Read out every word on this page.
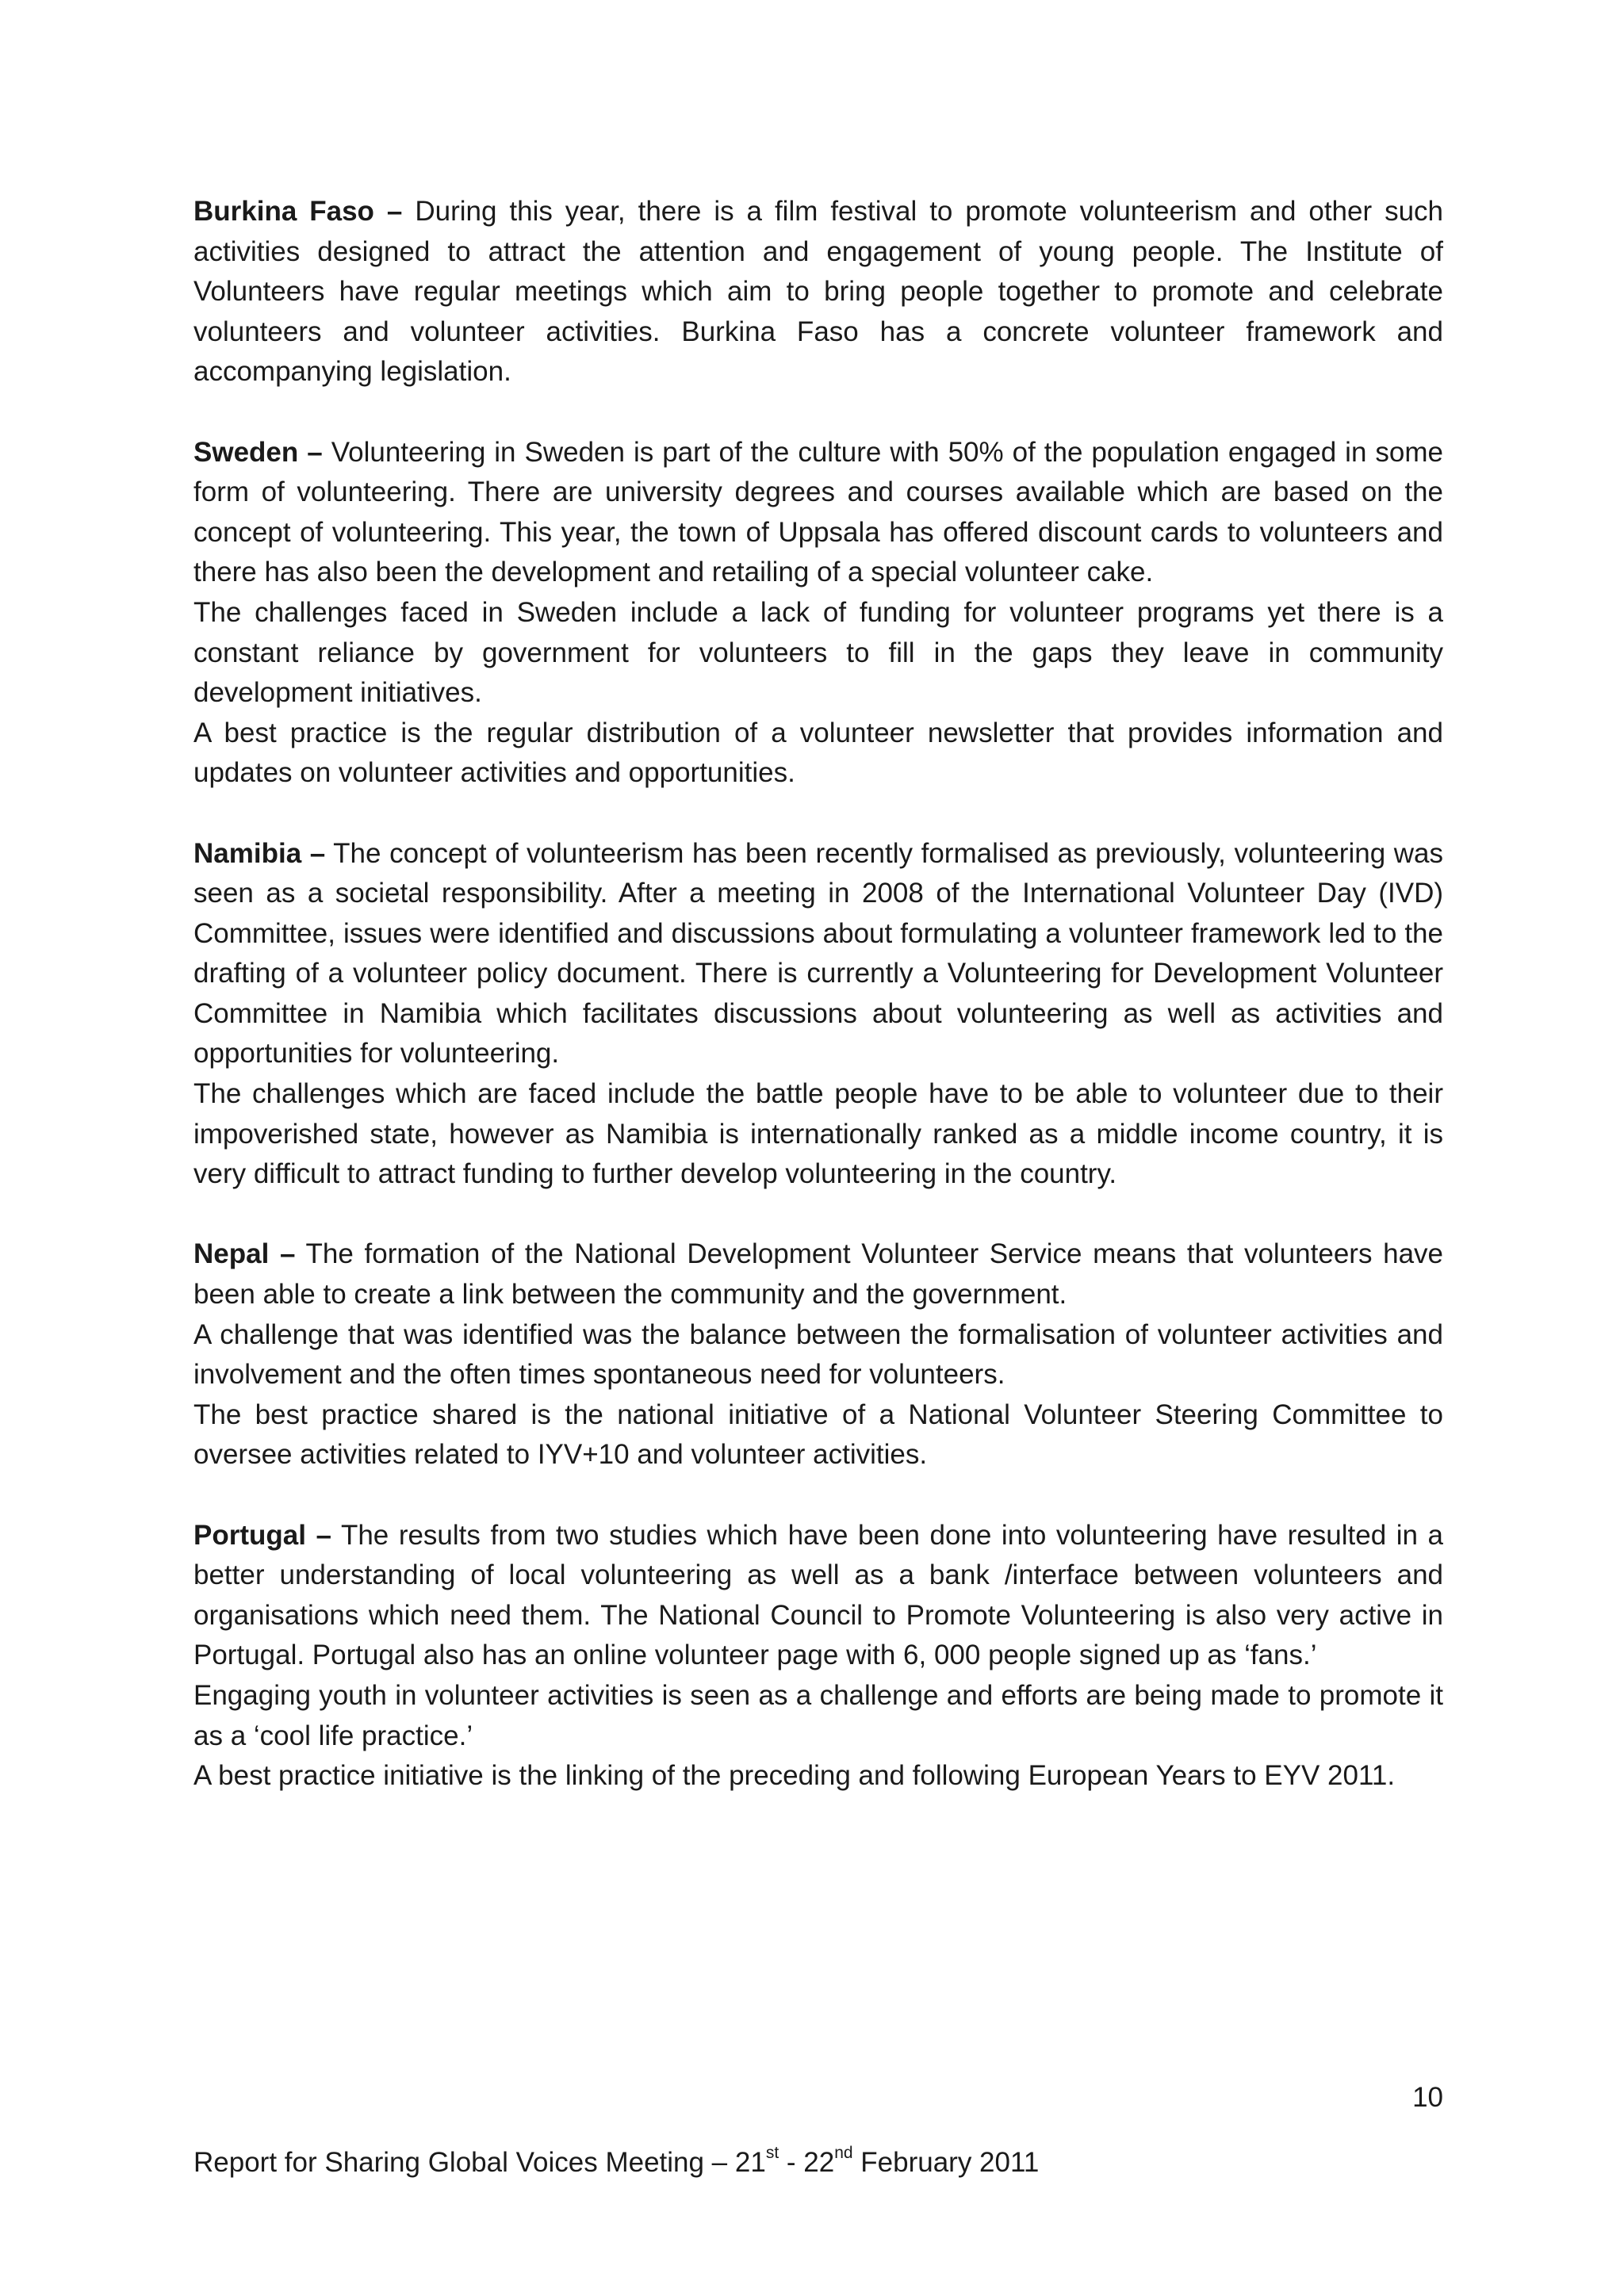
Burkina Faso – During this year, there is a film festival to promote volunteerism and other such activities designed to attract the attention and engagement of young people. The Institute of Volunteers have regular meetings which aim to bring people together to promote and celebrate volunteers and volunteer activities. Burkina Faso has a concrete volunteer framework and accompanying legislation.

Sweden – Volunteering in Sweden is part of the culture with 50% of the population engaged in some form of volunteering. There are university degrees and courses available which are based on the concept of volunteering. This year, the town of Uppsala has offered discount cards to volunteers and there has also been the development and retailing of a special volunteer cake.

The challenges faced in Sweden include a lack of funding for volunteer programs yet there is a constant reliance by government for volunteers to fill in the gaps they leave in community development initiatives.

A best practice is the regular distribution of a volunteer newsletter that provides information and updates on volunteer activities and opportunities.

Namibia – The concept of volunteerism has been recently formalised as previously, volunteering was seen as a societal responsibility. After a meeting in 2008 of the International Volunteer Day (IVD) Committee, issues were identified and discussions about formulating a volunteer framework led to the drafting of a volunteer policy document. There is currently a Volunteering for Development Volunteer Committee in Namibia which facilitates discussions about volunteering as well as activities and opportunities for volunteering.

The challenges which are faced include the battle people have to be able to volunteer due to their impoverished state, however as Namibia is internationally ranked as a middle income country, it is very difficult to attract funding to further develop volunteering in the country.

Nepal – The formation of the National Development Volunteer Service means that volunteers have been able to create a link between the community and the government.

A challenge that was identified was the balance between the formalisation of volunteer activities and involvement and the often times spontaneous need for volunteers.

The best practice shared is the national initiative of a National Volunteer Steering Committee to oversee activities related to IYV+10 and volunteer activities.

Portugal – The results from two studies which have been done into volunteering have resulted in a better understanding of local volunteering as well as a bank /interface between volunteers and organisations which need them. The National Council to Promote Volunteering is also very active in Portugal. Portugal also has an online volunteer page with 6, 000 people signed up as ‘fans.’

Engaging youth in volunteer activities is seen as a challenge and efforts are being made to promote it as a ‘cool life practice.’

A best practice initiative is the linking of the preceding and following European Years to EYV 2011.

10
Report for Sharing Global Voices Meeting – 21st - 22nd February 2011
